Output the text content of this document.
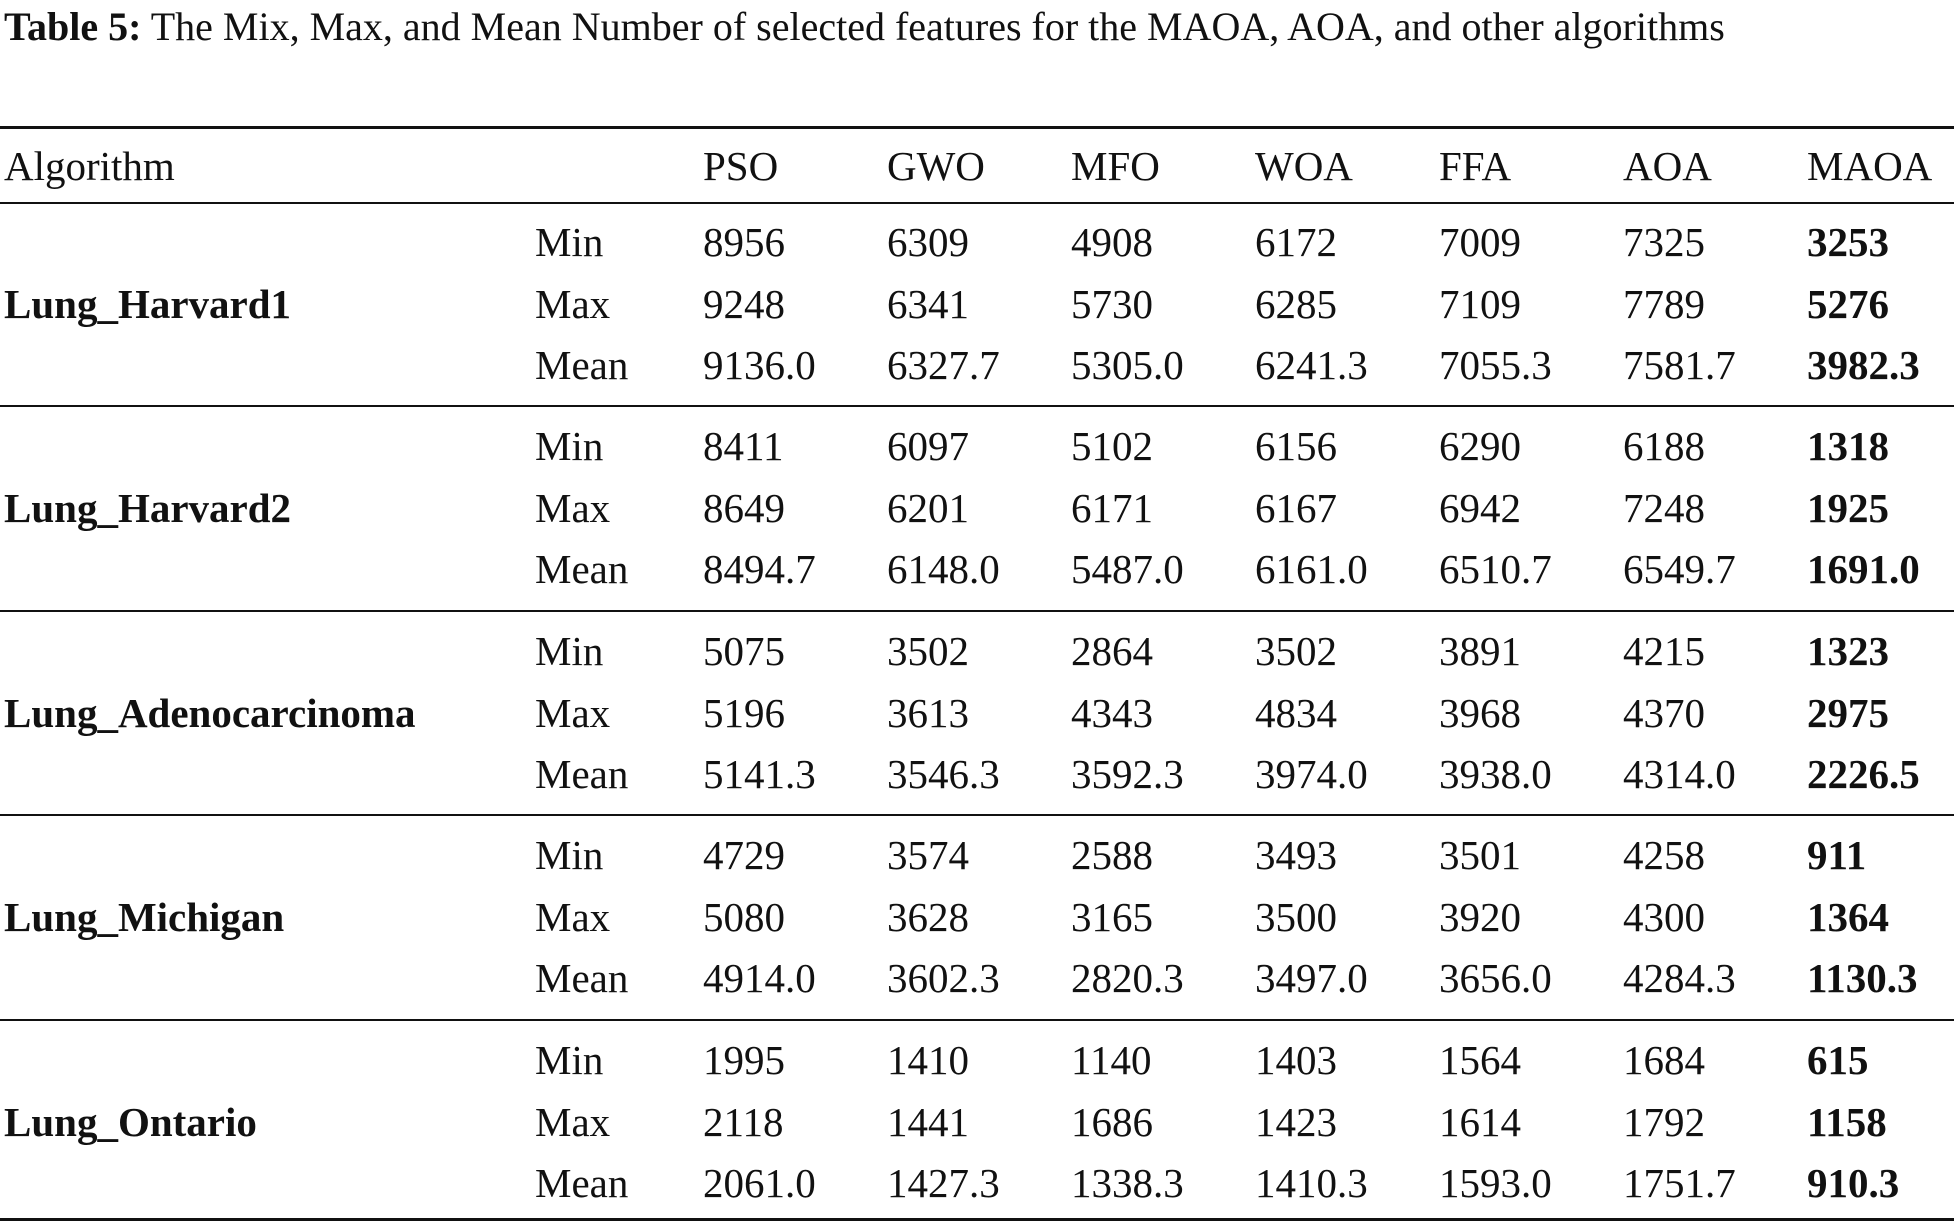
Table 5: The Mix, Max, and Mean Number of selected features for the MAOA, AOA, and other algorithms
Algorithm	PSO	GWO MFO WOA FFA	AOA MAOA
Lung_Harvard1
Min 8956 6309 4908 6172 7009 7325 3253
Max 9248 6341 5730 6285 7109 7789 5276
Mean 9136.0 6327.7 5305.0 6241.3 7055.3 7581.7 3982.3
Lung_Harvard2
Min 8411	6097 5102 6156 6290 6188 1318
Max 8649 6201 6171 6167 6942 7248 1925
Mean 8494.7 6148.0 5487.0 6161.0 6510.7 6549.7 1691.0
Lung_Adenocarcinoma
Min 5075 3502 2864 3502 3891 4215 1323
Max 5196 3613 4343 4834 3968 4370 2975
Mean 5141.3 3546.3 3592.3 3974.0 3938.0 4314.0 2226.5
Lung_Michigan
Min 4729 3574 2588 3493 3501 4258 911
Max 5080 3628 3165 3500 3920 4300 1364
Mean 4914.0 3602.3 2820.3 3497.0 3656.0 4284.3 1130.3
Lung_Ontario
Min 1995 1410 1140	1403 1564 1684 615
Max 2118	1441 1686 1423 1614 1792 1158
Mean 2061.0 1427.3 1338.3 1410.3 1593.0 1751.7 910.3
